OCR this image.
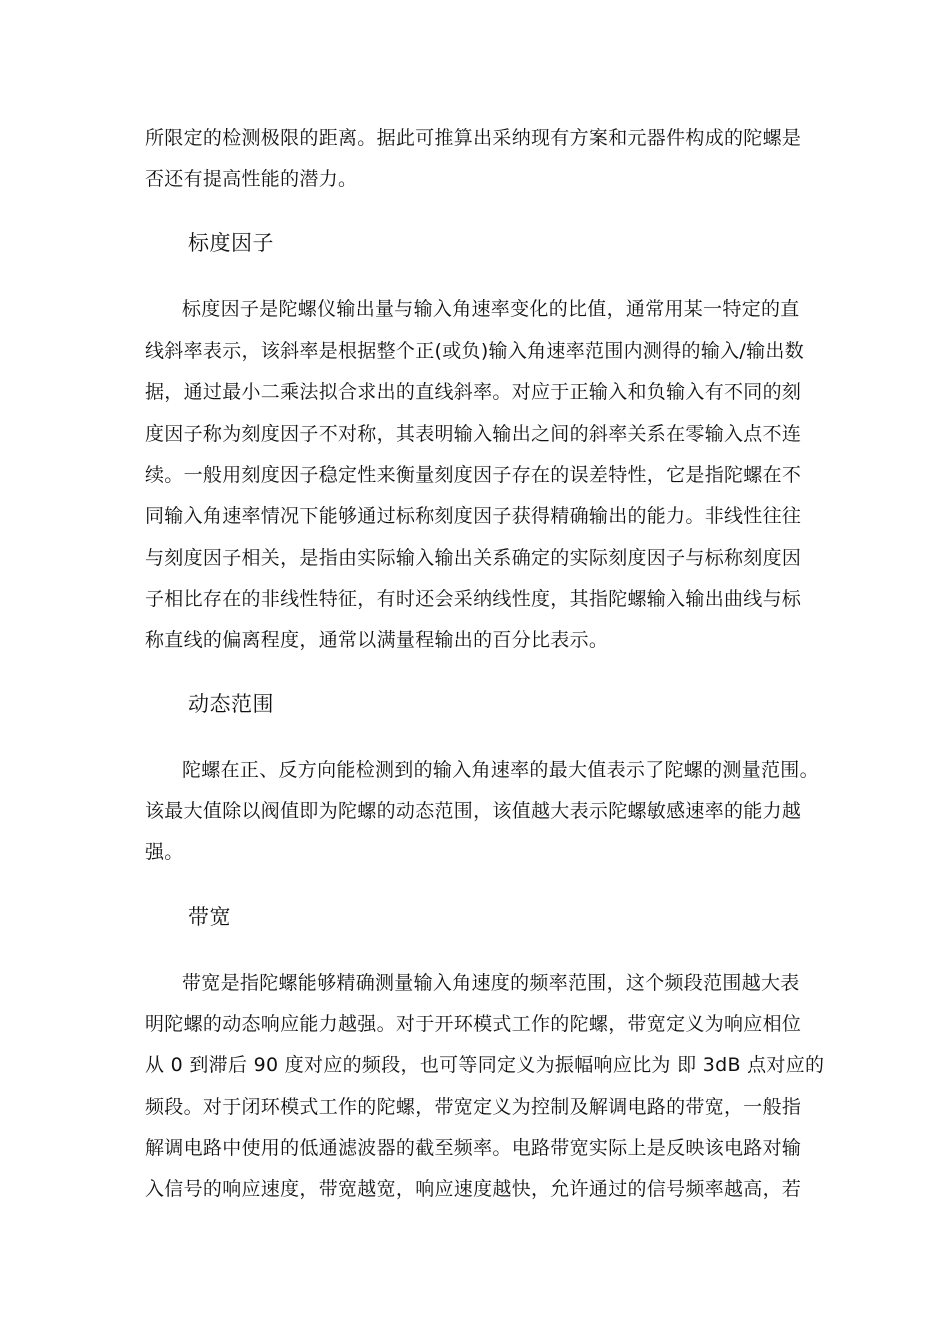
所限定的检测极限的距离。据此可推算出采纳现有方案和元器件构成的陀螺是
否还有提高性能的潜力。
标度因子
标度因子是陀螺仪输出量与输入角速率变化的比值，通常用某一特定的直
线斜率表示，该斜率是根据整个正(或负)输入角速率范围内测得的输入/输出数
据，通过最小二乘法拟合求出的直线斜率。对应于正输入和负输入有不同的刻
度因子称为刻度因子不对称，其表明输入输出之间的斜率关系在零输入点不连
续。一般用刻度因子稳定性来衡量刻度因子存在的误差特性，它是指陀螺在不
同输入角速率情况下能够通过标称刻度因子获得精确输出的能力。非线性往往
与刻度因子相关，是指由实际输入输出关系确定的实际刻度因子与标称刻度因
子相比存在的非线性特征，有时还会采纳线性度，其指陀螺输入输出曲线与标
称直线的偏离程度，通常以满量程输出的百分比表示。
动态范围
陀螺在正、反方向能检测到的输入角速率的最大值表示了陀螺的测量范围。
该最大值除以阀值即为陀螺的动态范围，该值越大表示陀螺敏感速率的能力越
强。
带宽
带宽是指陀螺能够精确测量输入角速度的频率范围，这个频段范围越大表
明陀螺的动态响应能力越强。对于开环模式工作的陀螺，带宽定义为响应相位
从 0 到滞后 90 度对应的频段，也可等同定义为振幅响应比为 即 3dB 点对应的
频段。对于闭环模式工作的陀螺，带宽定义为控制及解调电路的带宽，一般指
解调电路中使用的低通滤波器的截至频率。电路带宽实际上是反映该电路对输
入信号的响应速度，带宽越宽，响应速度越快，允许通过的信号频率越高，若
